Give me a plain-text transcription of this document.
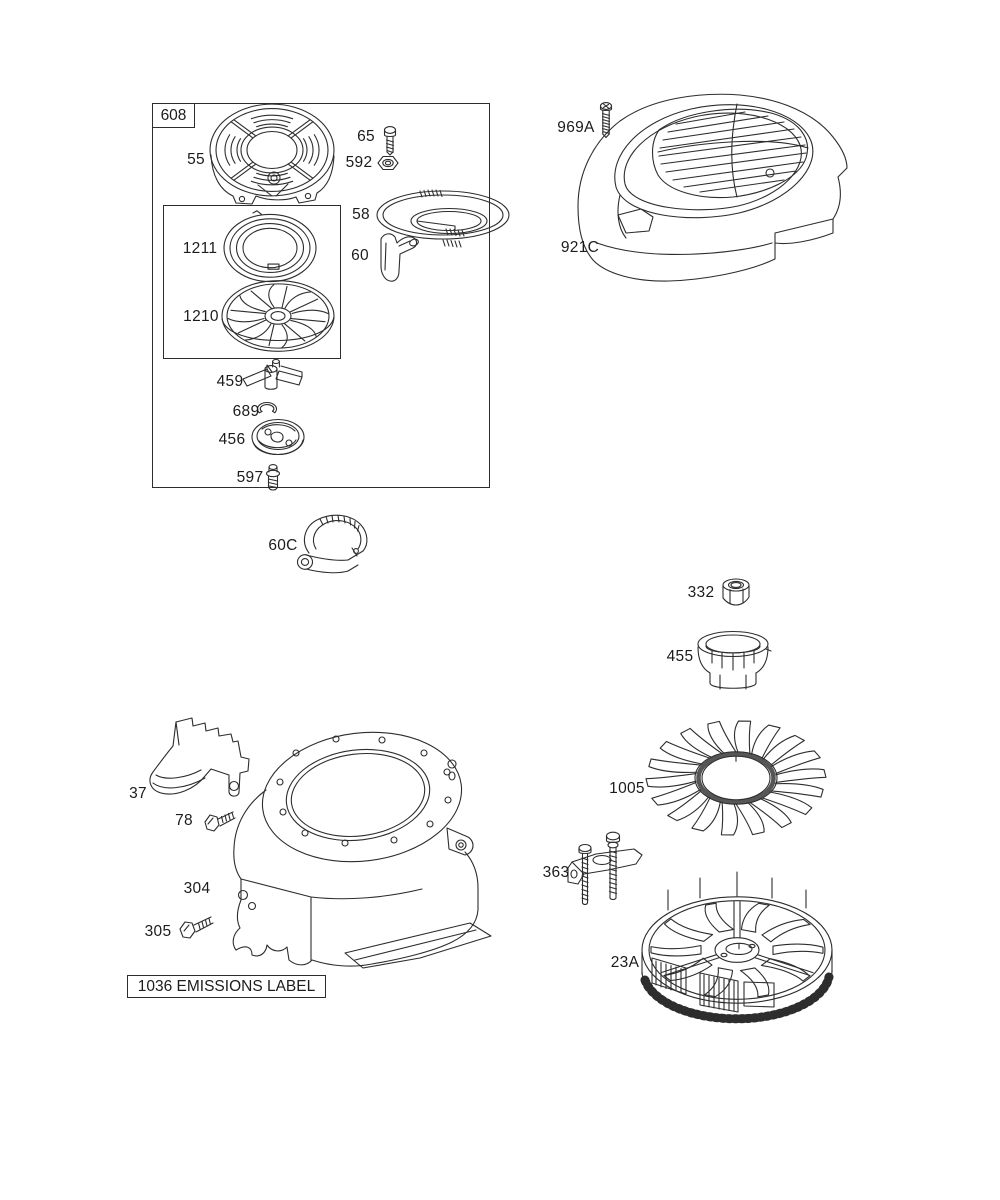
608
1036 EMISSIONS LABEL
55
65
592
58
60
1211
1210
459
689
456
597
60C
969A
921C
332
455
1005
363
23A
37
78
304
305
